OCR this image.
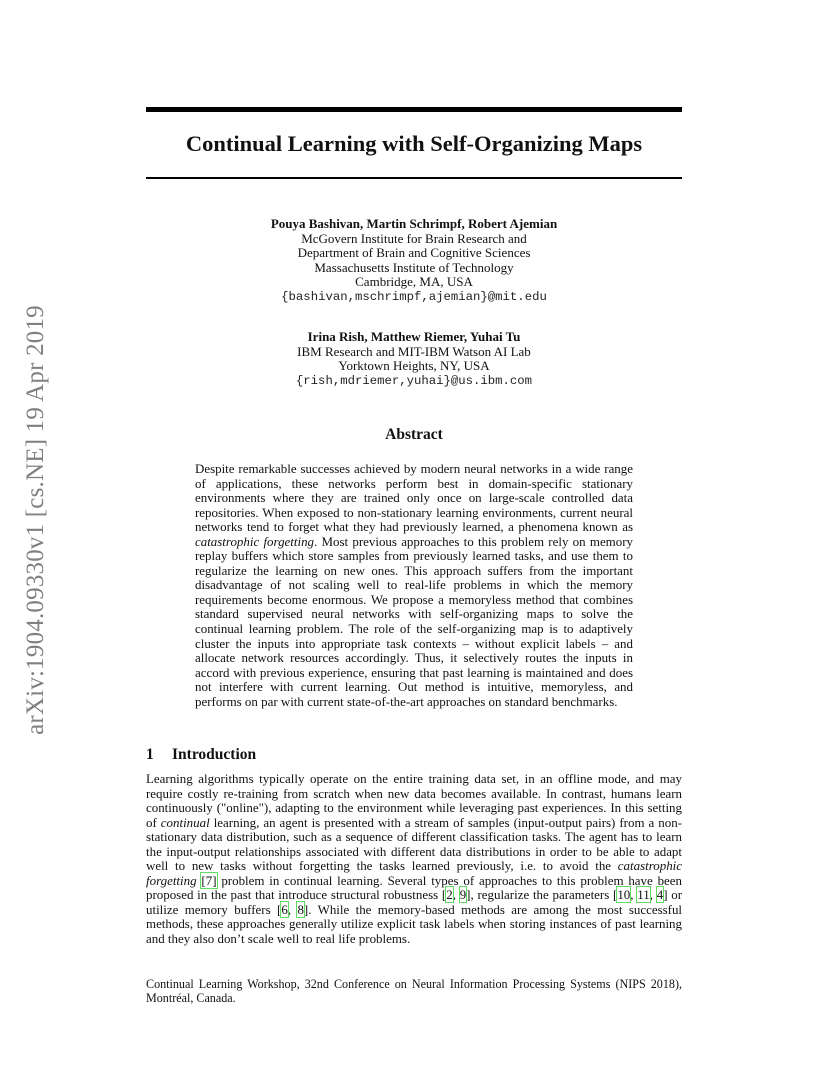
arXiv:1904.09330v1 [cs.NE] 19 Apr 2019
Continual Learning with Self-Organizing Maps
Pouya Bashivan, Martin Schrimpf, Robert Ajemian
McGovern Institute for Brain Research and
Department of Brain and Cognitive Sciences
Massachusetts Institute of Technology
Cambridge, MA, USA
{bashivan,mschrimpf,ajemian}@mit.edu
Irina Rish, Matthew Riemer, Yuhai Tu
IBM Research and MIT-IBM Watson AI Lab
Yorktown Heights, NY, USA
{rish,mdriemer,yuhai}@us.ibm.com
Abstract
Despite remarkable successes achieved by modern neural networks in a wide range of applications, these networks perform best in domain-specific stationary environments where they are trained only once on large-scale controlled data repositories. When exposed to non-stationary learning environments, current neural networks tend to forget what they had previously learned, a phenomena known as catastrophic forgetting. Most previous approaches to this problem rely on memory replay buffers which store samples from previously learned tasks, and use them to regularize the learning on new ones. This approach suffers from the important disadvantage of not scaling well to real-life problems in which the memory requirements become enormous. We propose a memoryless method that combines standard supervised neural networks with self-organizing maps to solve the continual learning problem. The role of the self-organizing map is to adaptively cluster the inputs into appropriate task contexts – without explicit labels – and allocate network resources accordingly. Thus, it selectively routes the inputs in accord with previous experience, ensuring that past learning is maintained and does not interfere with current learning. Out method is intuitive, memoryless, and performs on par with current state-of-the-art approaches on standard benchmarks.
1 Introduction
Learning algorithms typically operate on the entire training data set, in an offline mode, and may require costly re-training from scratch when new data becomes available. In contrast, humans learn continuously ("online"), adapting to the environment while leveraging past experiences. In this setting of continual learning, an agent is presented with a stream of samples (input-output pairs) from a non-stationary data distribution, such as a sequence of different classification tasks. The agent has to learn the input-output relationships associated with different data distributions in order to be able to adapt well to new tasks without forgetting the tasks learned previously, i.e. to avoid the catastrophic forgetting [7] problem in continual learning. Several types of approaches to this problem have been proposed in the past that introduce structural robustness [2, 9], regularize the parameters [10, 11, 4] or utilize memory buffers [6, 8]. While the memory-based methods are among the most successful methods, these approaches generally utilize explicit task labels when storing instances of past learning and they also don’t scale well to real life problems.
Continual Learning Workshop, 32nd Conference on Neural Information Processing Systems (NIPS 2018),
Montréal, Canada.
